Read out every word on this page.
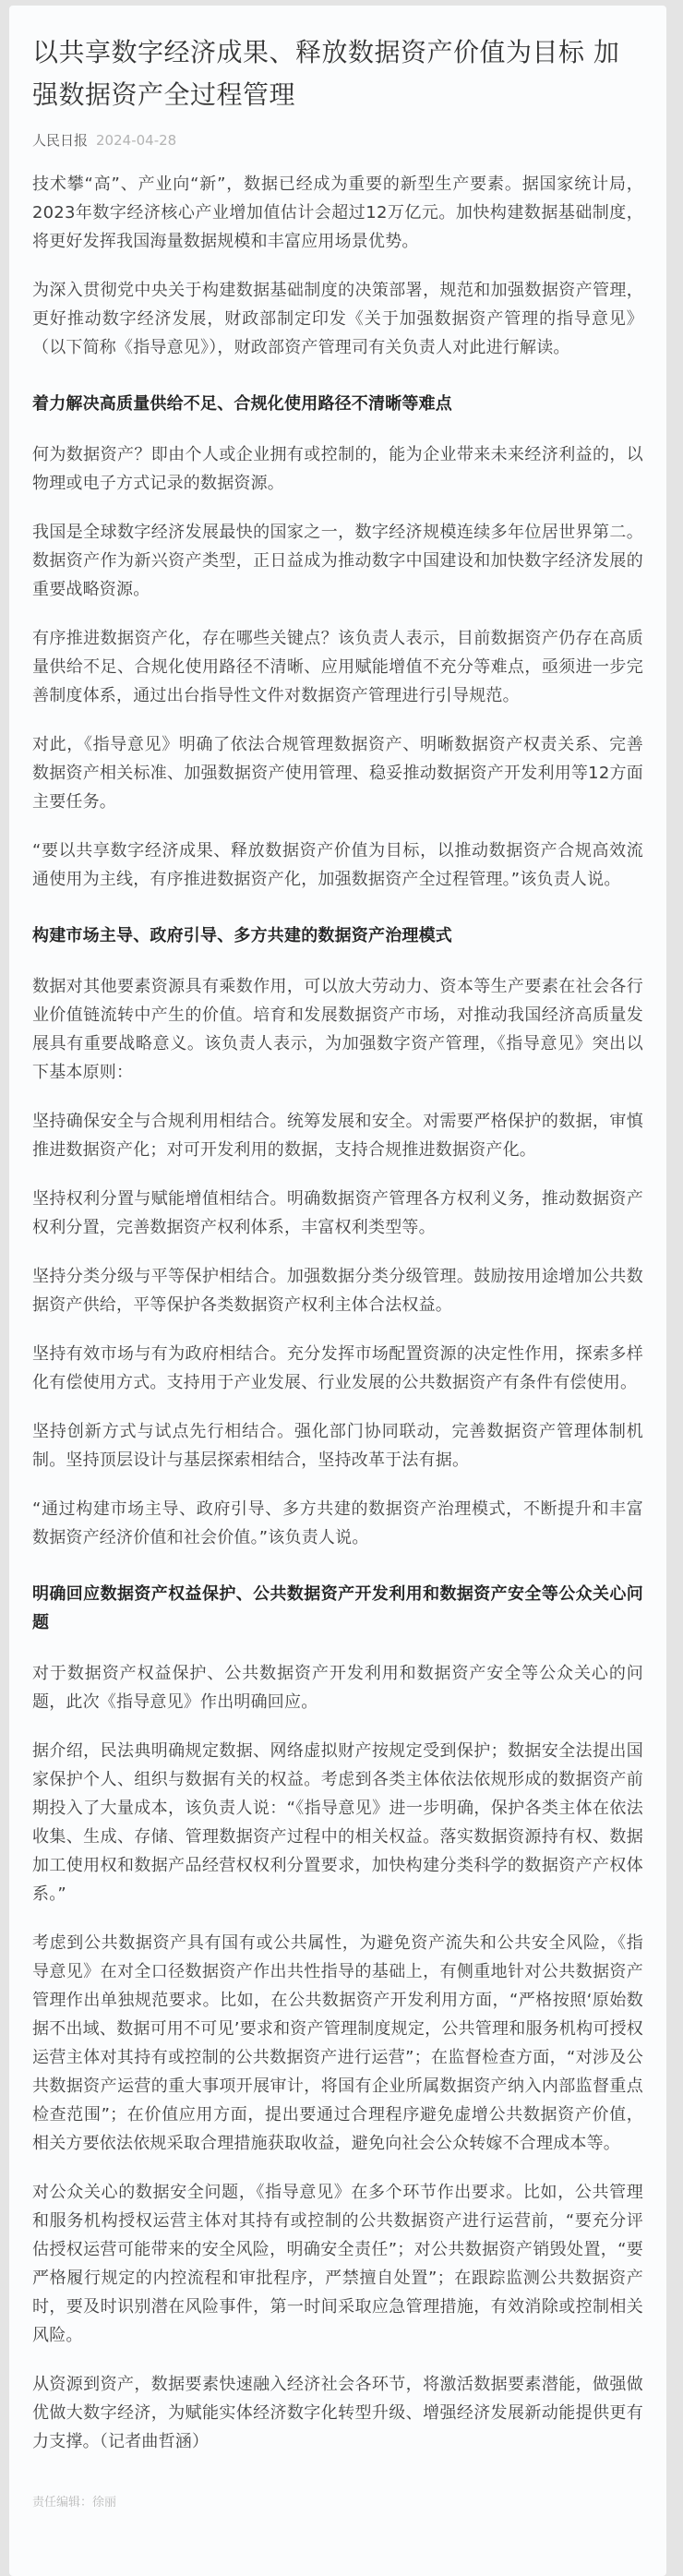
以共享数字经济成果、释放数据资产价值为目标 加强数据资产全过程管理
人民日报 2024-04-28

技术攀“高”、产业向“新”，数据已经成为重要的新型生产要素。据国家统计局，2023年数字经济核心产业增加值估计会超过12万亿元。加快构建数据基础制度，将更好发挥我国海量数据规模和丰富应用场景优势。

为深入贯彻党中央关于构建数据基础制度的决策部署，规范和加强数据资产管理，更好推动数字经济发展，财政部制定印发《关于加强数据资产管理的指导意见》（以下简称《指导意见》），财政部资产管理司有关负责人对此进行解读。

着力解决高质量供给不足、合规化使用路径不清晰等难点

何为数据资产？即由个人或企业拥有或控制的，能为企业带来未来经济利益的，以物理或电子方式记录的数据资源。

我国是全球数字经济发展最快的国家之一，数字经济规模连续多年位居世界第二。数据资产作为新兴资产类型，正日益成为推动数字中国建设和加快数字经济发展的重要战略资源。

有序推进数据资产化，存在哪些关键点？该负责人表示，目前数据资产仍存在高质量供给不足、合规化使用路径不清晰、应用赋能增值不充分等难点，亟须进一步完善制度体系，通过出台指导性文件对数据资产管理进行引导规范。

对此，《指导意见》明确了依法合规管理数据资产、明晰数据资产权责关系、完善数据资产相关标准、加强数据资产使用管理、稳妥推动数据资产开发利用等12方面主要任务。

“要以共享数字经济成果、释放数据资产价值为目标，以推动数据资产合规高效流通使用为主线，有序推进数据资产化，加强数据资产全过程管理。”该负责人说。

构建市场主导、政府引导、多方共建的数据资产治理模式

数据对其他要素资源具有乘数作用，可以放大劳动力、资本等生产要素在社会各行业价值链流转中产生的价值。培育和发展数据资产市场，对推动我国经济高质量发展具有重要战略意义。该负责人表示，为加强数字资产管理，《指导意见》突出以下基本原则：

坚持确保安全与合规利用相结合。统筹发展和安全。对需要严格保护的数据，审慎推进数据资产化；对可开发利用的数据，支持合规推进数据资产化。

坚持权利分置与赋能增值相结合。明确数据资产管理各方权利义务，推动数据资产权利分置，完善数据资产权利体系，丰富权利类型等。

坚持分类分级与平等保护相结合。加强数据分类分级管理。鼓励按用途增加公共数据资产供给，平等保护各类数据资产权利主体合法权益。

坚持有效市场与有为政府相结合。充分发挥市场配置资源的决定性作用，探索多样化有偿使用方式。支持用于产业发展、行业发展的公共数据资产有条件有偿使用。

坚持创新方式与试点先行相结合。强化部门协同联动，完善数据资产管理体制机制。坚持顶层设计与基层探索相结合，坚持改革于法有据。

“通过构建市场主导、政府引导、多方共建的数据资产治理模式，不断提升和丰富数据资产经济价值和社会价值。”该负责人说。

明确回应数据资产权益保护、公共数据资产开发利用和数据资产安全等公众关心问题

对于数据资产权益保护、公共数据资产开发利用和数据资产安全等公众关心的问题，此次《指导意见》作出明确回应。

据介绍，民法典明确规定数据、网络虚拟财产按规定受到保护；数据安全法提出国家保护个人、组织与数据有关的权益。考虑到各类主体依法依规形成的数据资产前期投入了大量成本，该负责人说：“《指导意见》进一步明确，保护各类主体在依法收集、生成、存储、管理数据资产过程中的相关权益。落实数据资源持有权、数据加工使用权和数据产品经营权权利分置要求，加快构建分类科学的数据资产产权体系。”

考虑到公共数据资产具有国有或公共属性，为避免资产流失和公共安全风险，《指导意见》在对全口径数据资产作出共性指导的基础上，有侧重地针对公共数据资产管理作出单独规范要求。比如，在公共数据资产开发利用方面，“严格按照‘原始数据不出域、数据可用不可见’要求和资产管理制度规定，公共管理和服务机构可授权运营主体对其持有或控制的公共数据资产进行运营”；在监督检查方面，“对涉及公共数据资产运营的重大事项开展审计，将国有企业所属数据资产纳入内部监督重点检查范围”；在价值应用方面，提出要通过合理程序避免虚增公共数据资产价值，相关方要依法依规采取合理措施获取收益，避免向社会公众转嫁不合理成本等。

对公众关心的数据安全问题，《指导意见》在多个环节作出要求。比如，公共管理和服务机构授权运营主体对其持有或控制的公共数据资产进行运营前，“要充分评估授权运营可能带来的安全风险，明确安全责任”；对公共数据资产销毁处置，“要严格履行规定的内控流程和审批程序，严禁擅自处置”；在跟踪监测公共数据资产时，要及时识别潜在风险事件，第一时间采取应急管理措施，有效消除或控制相关风险。

从资源到资产，数据要素快速融入经济社会各环节，将激活数据要素潜能，做强做优做大数字经济，为赋能实体经济数字化转型升级、增强经济发展新动能提供更有力支撑。（记者曲哲涵）

责任编辑：徐丽
